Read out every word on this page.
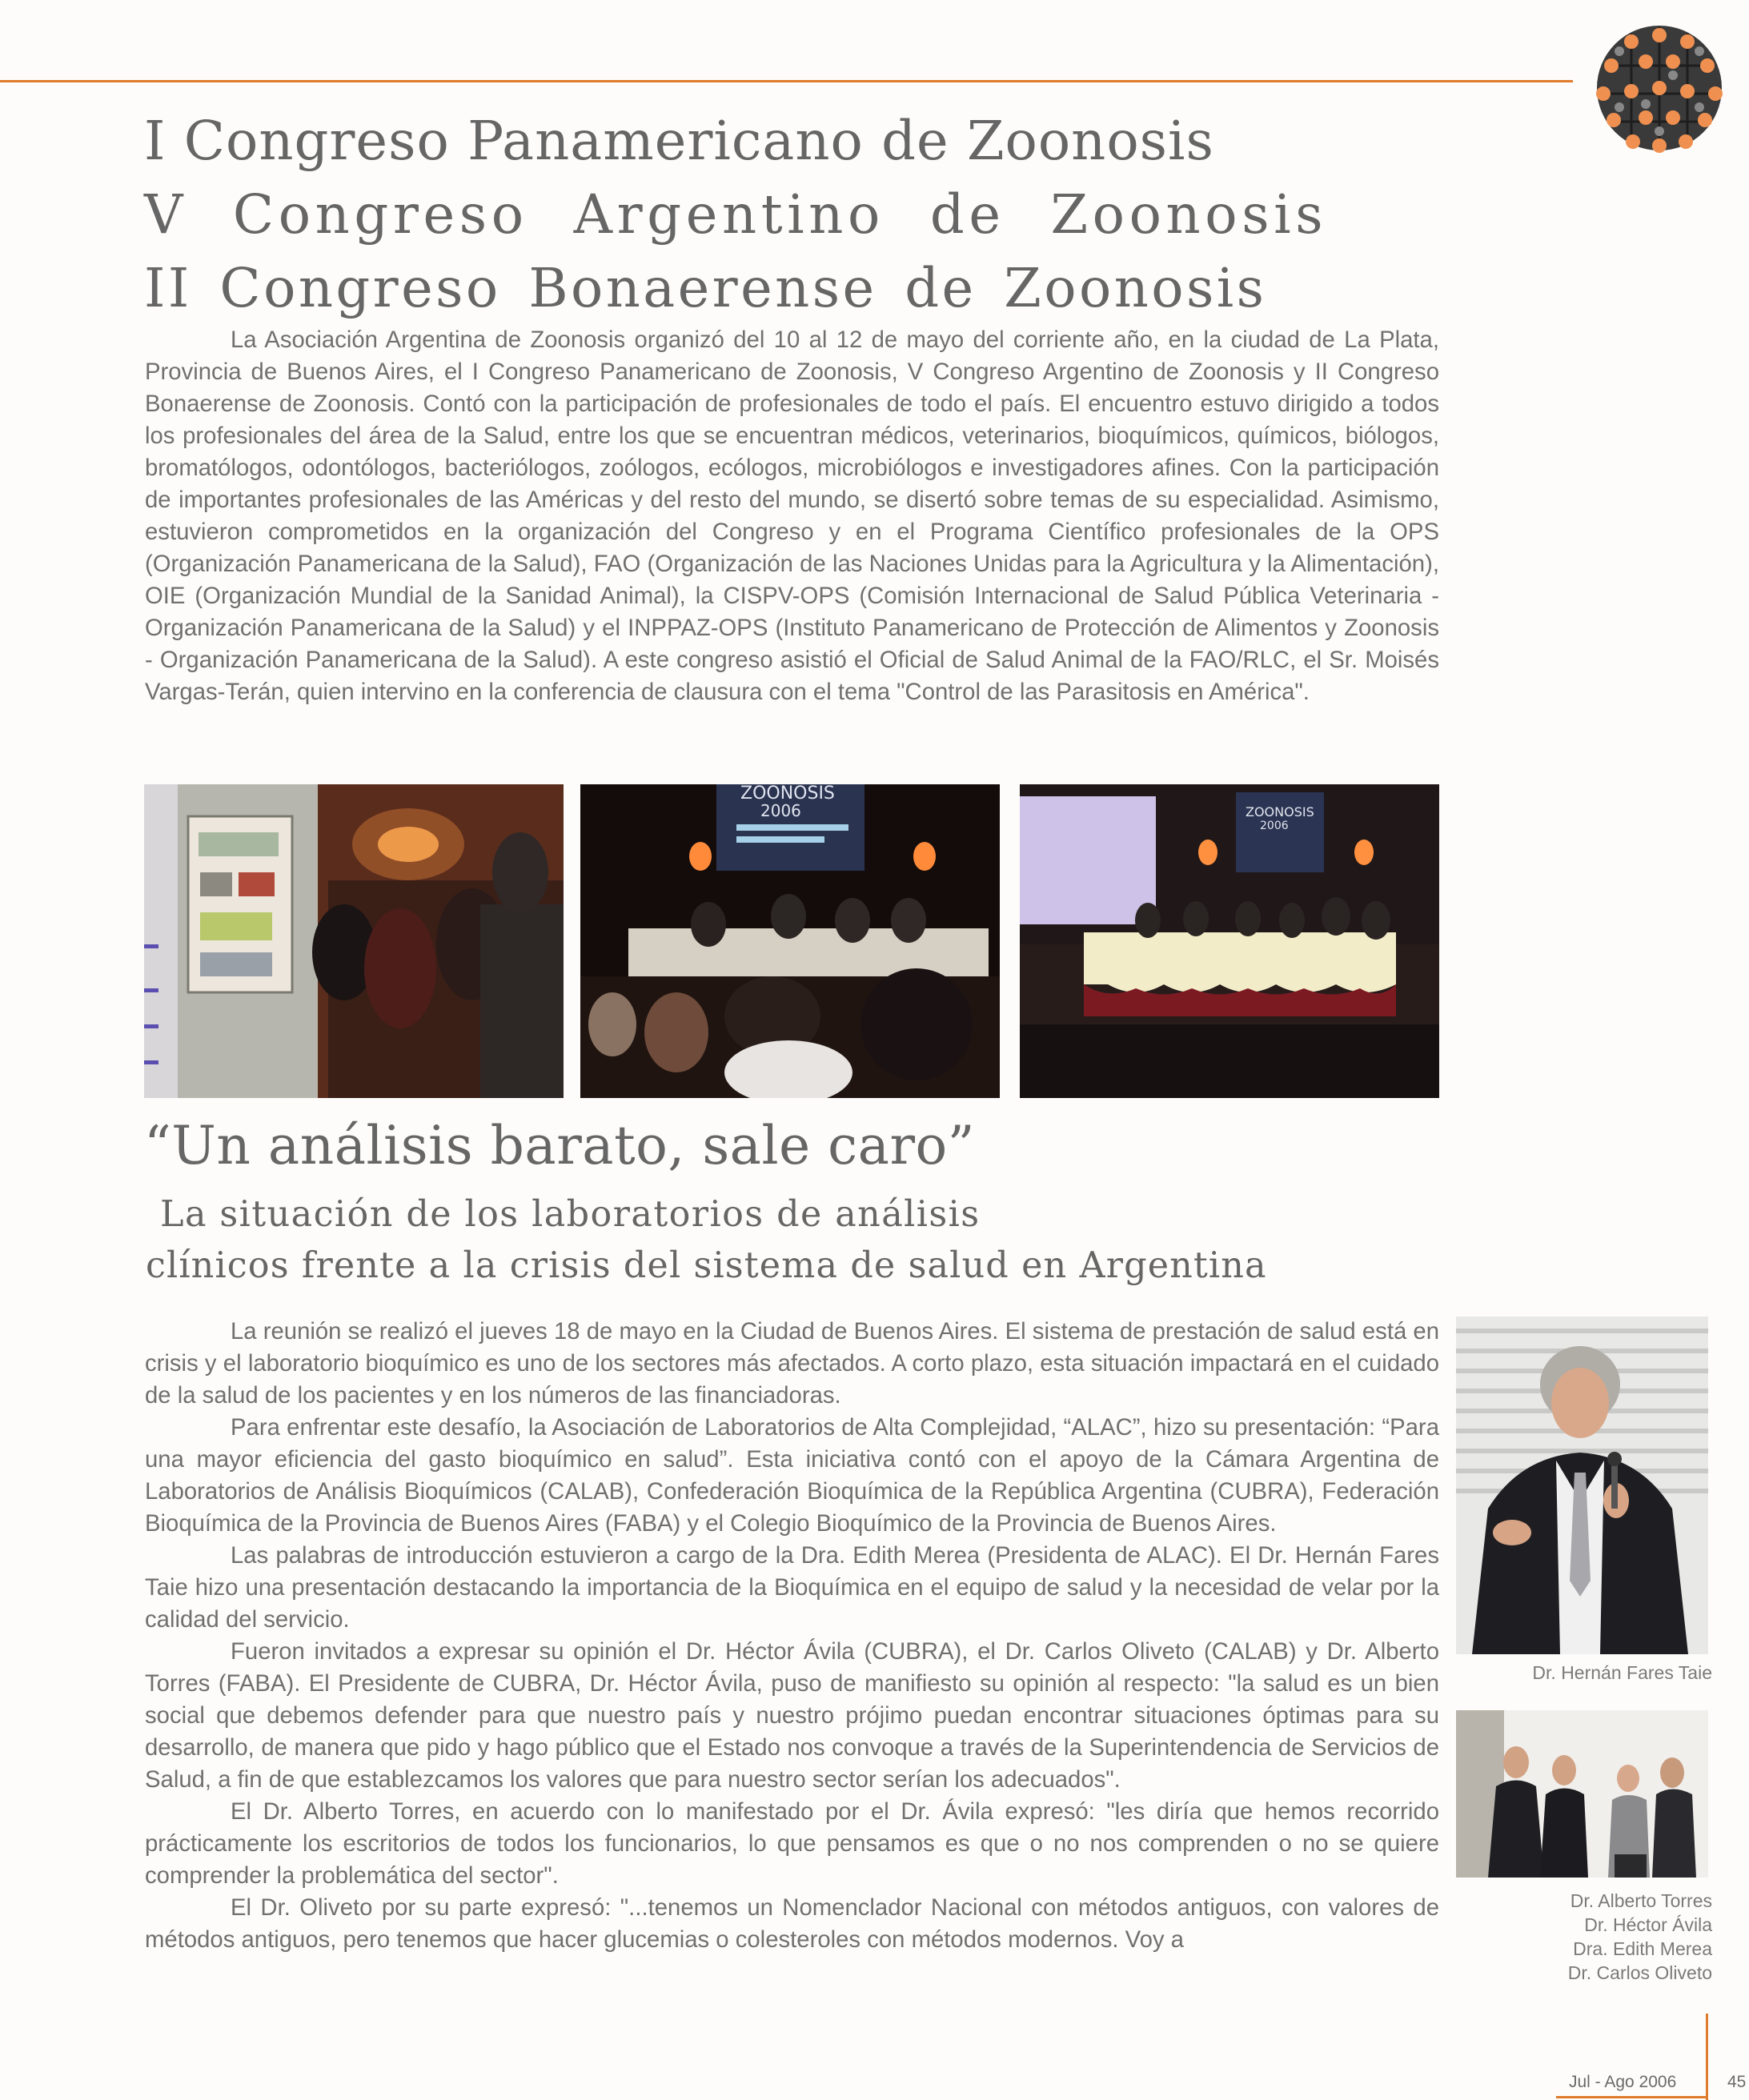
I Congreso Panamericano de Zoonosis
V Congreso Argentino de Zoonosis
II Congreso Bonaerense de Zoonosis

La Asociación Argentina de Zoonosis organizó del 10 al 12 de mayo del corriente año, en la ciudad de La Plata, Provincia de Buenos Aires, el I Congreso Panamericano de Zoonosis, V Congreso Argentino de Zoonosis y II Congreso Bonaerense de Zoonosis. Contó con la participación de profesionales de todo el país. El encuentro estuvo dirigido a todos los profesionales del área de la Salud, entre los que se encuentran médicos, veterinarios, bioquímicos, químicos, biólogos, bromatólogos, odontólogos, bacteriólogos, zoólogos, ecólogos, microbiólogos e investigadores afines. Con la participación de importantes profesionales de las Américas y del resto del mundo, se disertó sobre temas de su especialidad. Asimismo, estuvieron comprometidos en la organización del Congreso y en el Programa Científico profesionales de la OPS (Organización Panamericana de la Salud), FAO (Organización de las Naciones Unidas para la Agricultura y la Alimentación), OIE (Organización Mundial de la Sanidad Animal), la CISPV-OPS (Comisión Internacional de Salud Pública Veterinaria - Organización Panamericana de la Salud) y el INPPAZ-OPS (Instituto Panamericano de Protección de Alimentos y Zoonosis - Organización Panamericana de la Salud). A este congreso asistió el Oficial de Salud Animal de la FAO/RLC, el Sr. Moisés Vargas-Terán, quien intervino en la conferencia de clausura con el tema "Control de las Parasitosis en América".

ZOONOSIS
2006	ZOONOSIS
2006
“Un análisis barato, sale caro”
La situación de los laboratorios de análisis
clínicos frente a la crisis del sistema de salud en Argentina

La reunión se realizó el jueves 18 de mayo en la Ciudad de Buenos Aires. El sistema de prestación de salud está en crisis y el laboratorio bioquímico es uno de los sectores más afectados. A corto plazo, esta situación impactará en el cuidado de la salud de los pacientes y en los números de las financiadoras.

Para enfrentar este desafío, la Asociación de Laboratorios de Alta Complejidad, “ALAC”, hizo su presentación: “Para una mayor eficiencia del gasto bioquímico en salud”. Esta iniciativa contó con el apoyo de la Cámara Argentina de Laboratorios de Análisis Bioquímicos (CALAB), Confederación Bioquímica de la República Argentina (CUBRA), Federación Bioquímica de la Provincia de Buenos Aires (FABA) y el Colegio Bioquímico de la Provincia de Buenos Aires.

Las palabras de introducción estuvieron a cargo de la Dra. Edith Merea (Presidenta de ALAC). El Dr. Hernán Fares Taie hizo una presentación destacando la importancia de la Bioquímica en el equipo de salud y la necesidad de velar por la calidad del servicio.

Fueron invitados a expresar su opinión el Dr. Héctor Ávila (CUBRA), el Dr. Carlos Oliveto (CALAB) y Dr. Alberto Torres (FABA). El Presidente de CUBRA, Dr. Héctor Ávila, puso de manifiesto su opinión al respecto: "la salud es un bien social que debemos defender para que nuestro país y nuestro prójimo puedan encontrar situaciones óptimas para su desarrollo, de manera que pido y hago público que el Estado nos convoque a través de la Superintendencia de Servicios de Salud, a fin de que establezcamos los valores que para nuestro sector serían los adecuados".

El Dr. Alberto Torres, en acuerdo con lo manifestado por el Dr. Ávila expresó: "les diría que hemos recorrido prácticamente los escritorios de todos los funcionarios, lo que pensamos es que o no nos comprenden o no se quiere comprender la problemática del sector".

El Dr. Oliveto por su parte expresó: "...tenemos un Nomenclador Nacional con métodos antiguos, con valores de métodos antiguos, pero tenemos que hacer glucemias o colesteroles con métodos modernos. Voy a

Dr. Hernán Fares Taie
Dr. Alberto Torres
Dr. Héctor Ávila
Dra. Edith Merea
Dr. Carlos Oliveto
Jul - Ago 2006	45
